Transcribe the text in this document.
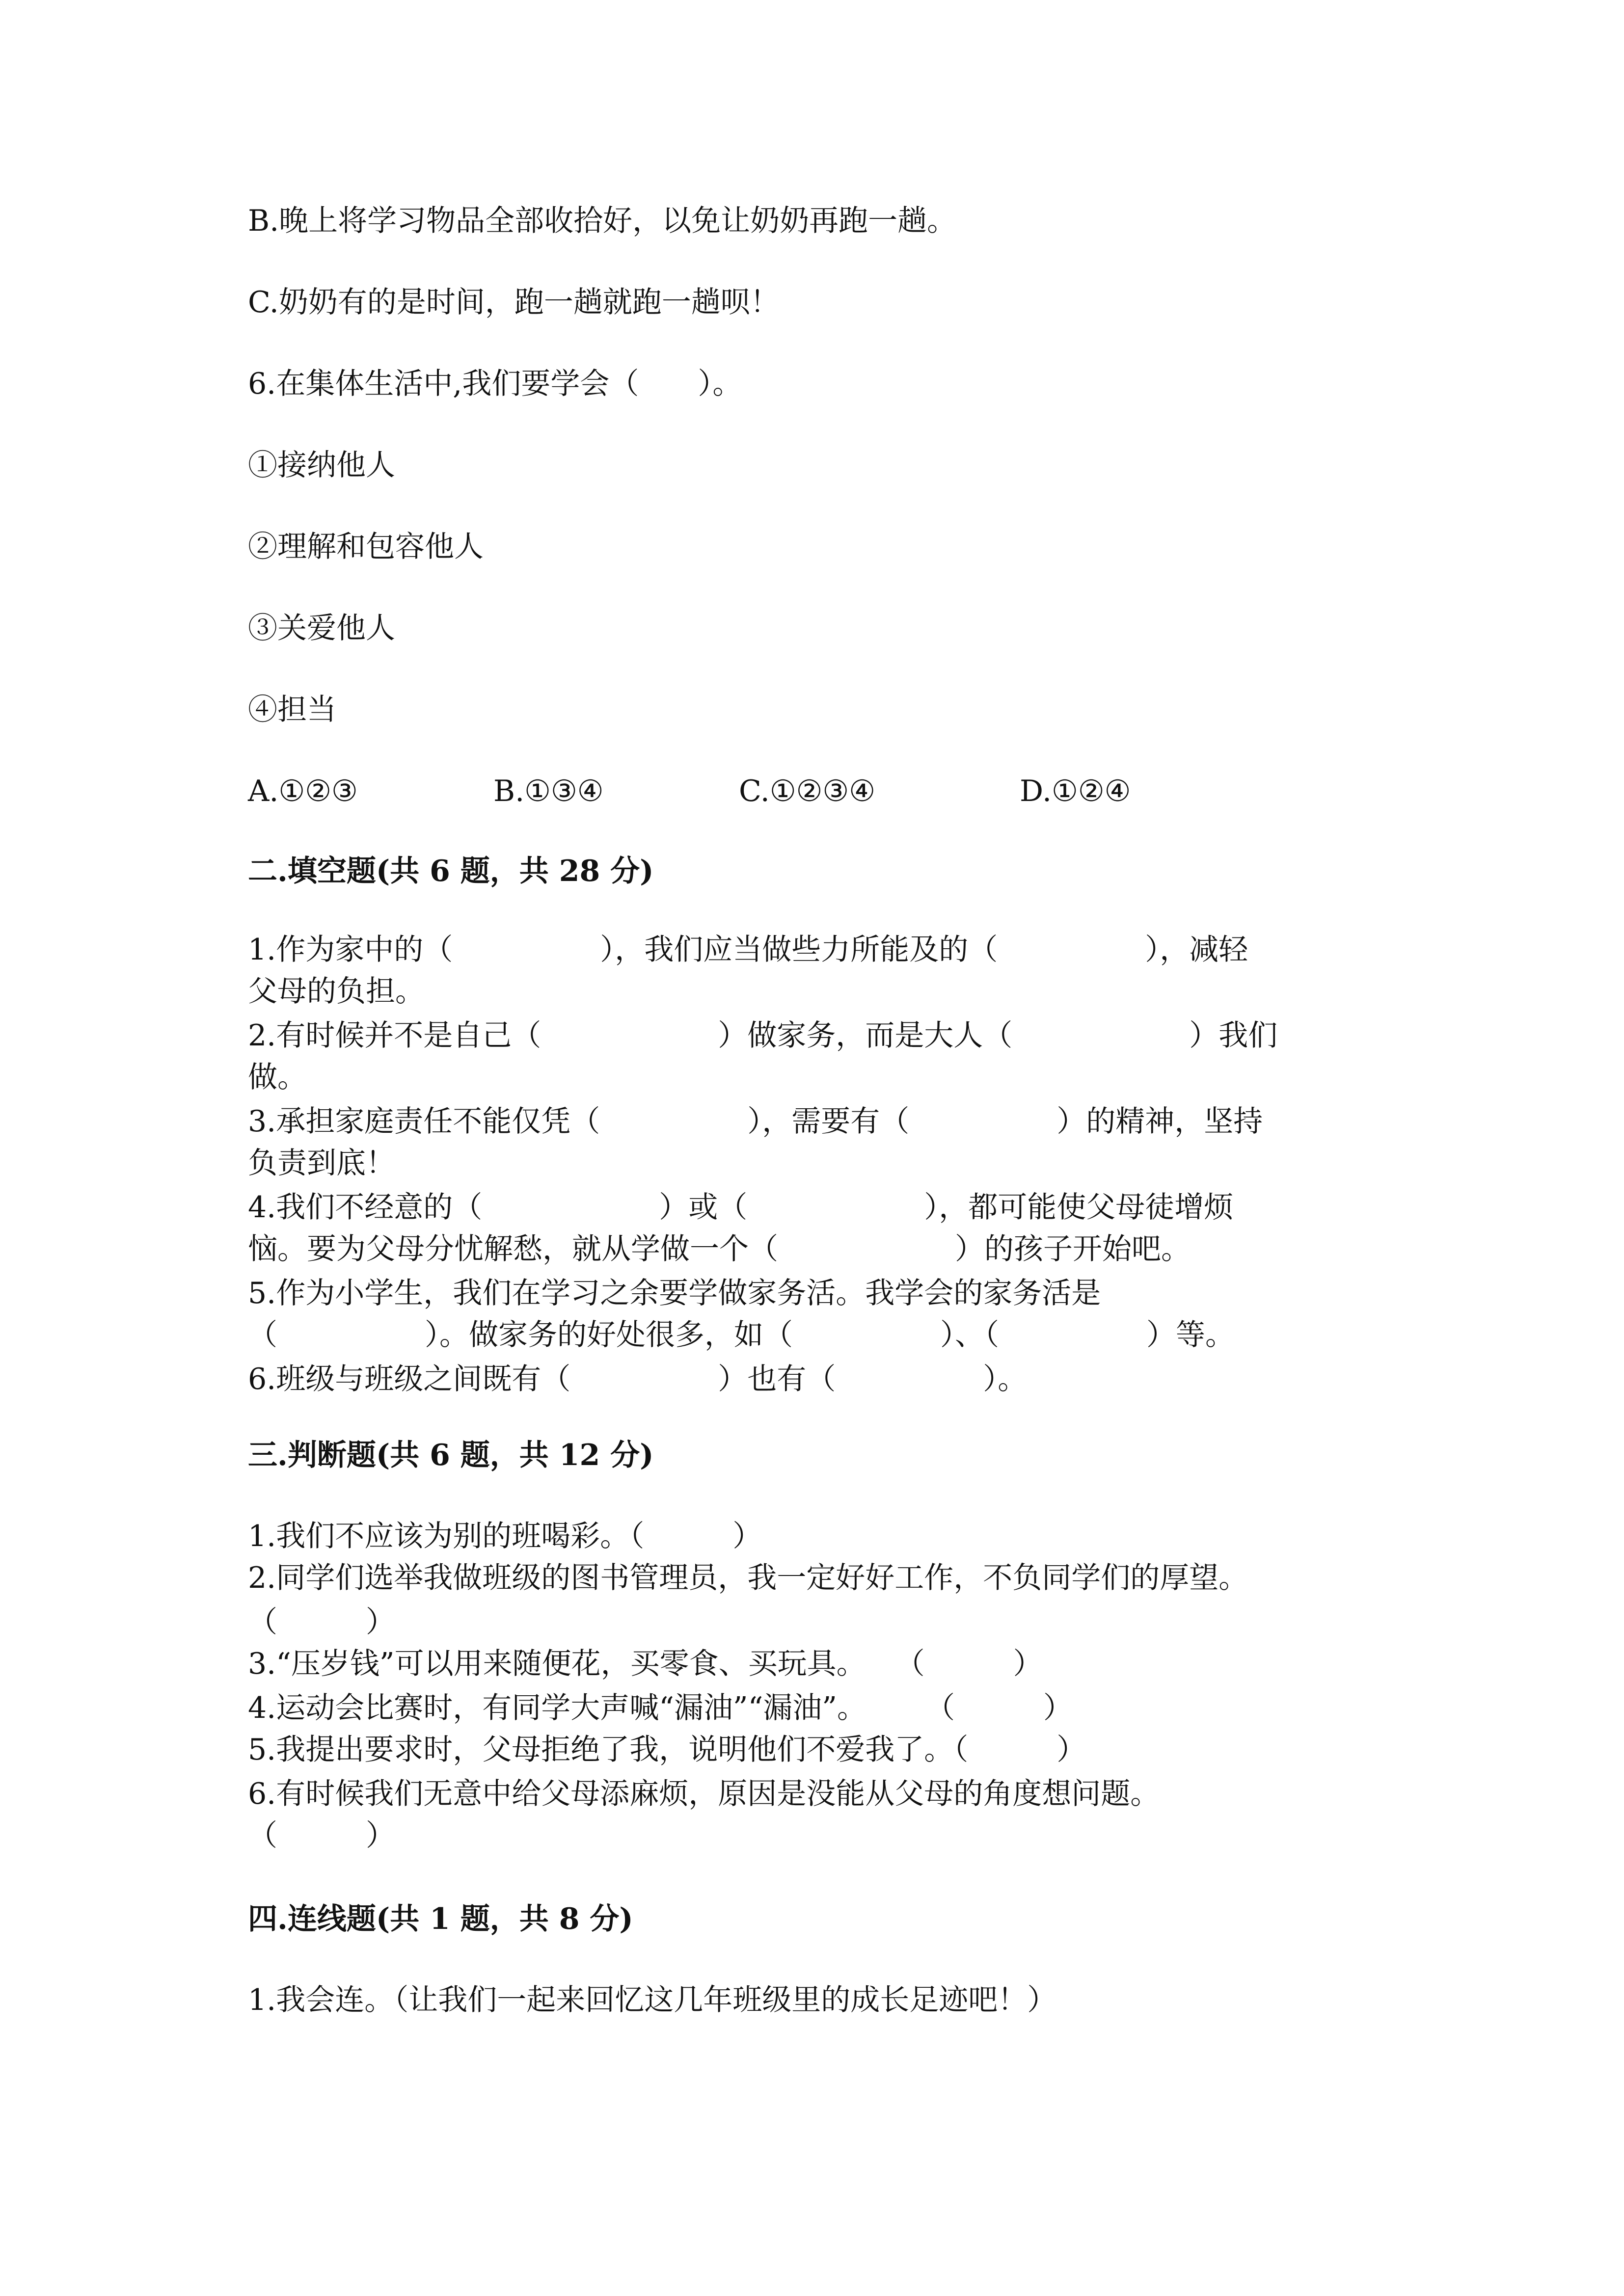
B.晚上将学习物品全部收拾好，以免让奶奶再跑一趟。

C.奶奶有的是时间，跑一趟就跑一趟呗！

6.在集体生活中,我们要学会（　　）。

①接纳他人

②理解和包容他人

③关爱他人

④担当

A.①②③	B.①③④	C.①②③④	D.①②④

二.填空题(共 6 题，共 28 分)

1.作为家中的（　　　　　），我们应当做些力所能及的（　　　　　），减轻

父母的负担。

2.有时候并不是自己（　　　　　　）做家务，而是大人（　　　　　　）我们

做。

3.承担家庭责任不能仅凭（　　　　　），需要有（　　　　　）的精神，坚持

负责到底！

4.我们不经意的（　　　　　　）或（　　　　　　），都可能使父母徒增烦

恼。要为父母分忧解愁，就从学做一个（　　　　　　）的孩子开始吧。

5.作为小学生，我们在学习之余要学做家务活。我学会的家务活是

（　　　　　）。做家务的好处很多，如（　　　　　）、（　　　　　）等。

6.班级与班级之间既有（　　　　　）也有（　　　　　）。

三.判断题(共 6 题，共 12 分)

1.我们不应该为别的班喝彩。（　　　）

2.同学们选举我做班级的图书管理员，我一定好好工作，不负同学们的厚望。

（　　　）

3.“压岁钱”可以用来随便花，买零食、买玩具。　　（　　　）

4.运动会比赛时，有同学大声喊“漏油”“漏油”。　　　（　　　）

5.我提出要求时，父母拒绝了我，说明他们不爱我了。（　　　）

6.有时候我们无意中给父母添麻烦，原因是没能从父母的角度想问题。

（　　　）

四.连线题(共 1 题，共 8 分)

1.我会连。（让我们一起来回忆这几年班级里的成长足迹吧！）
